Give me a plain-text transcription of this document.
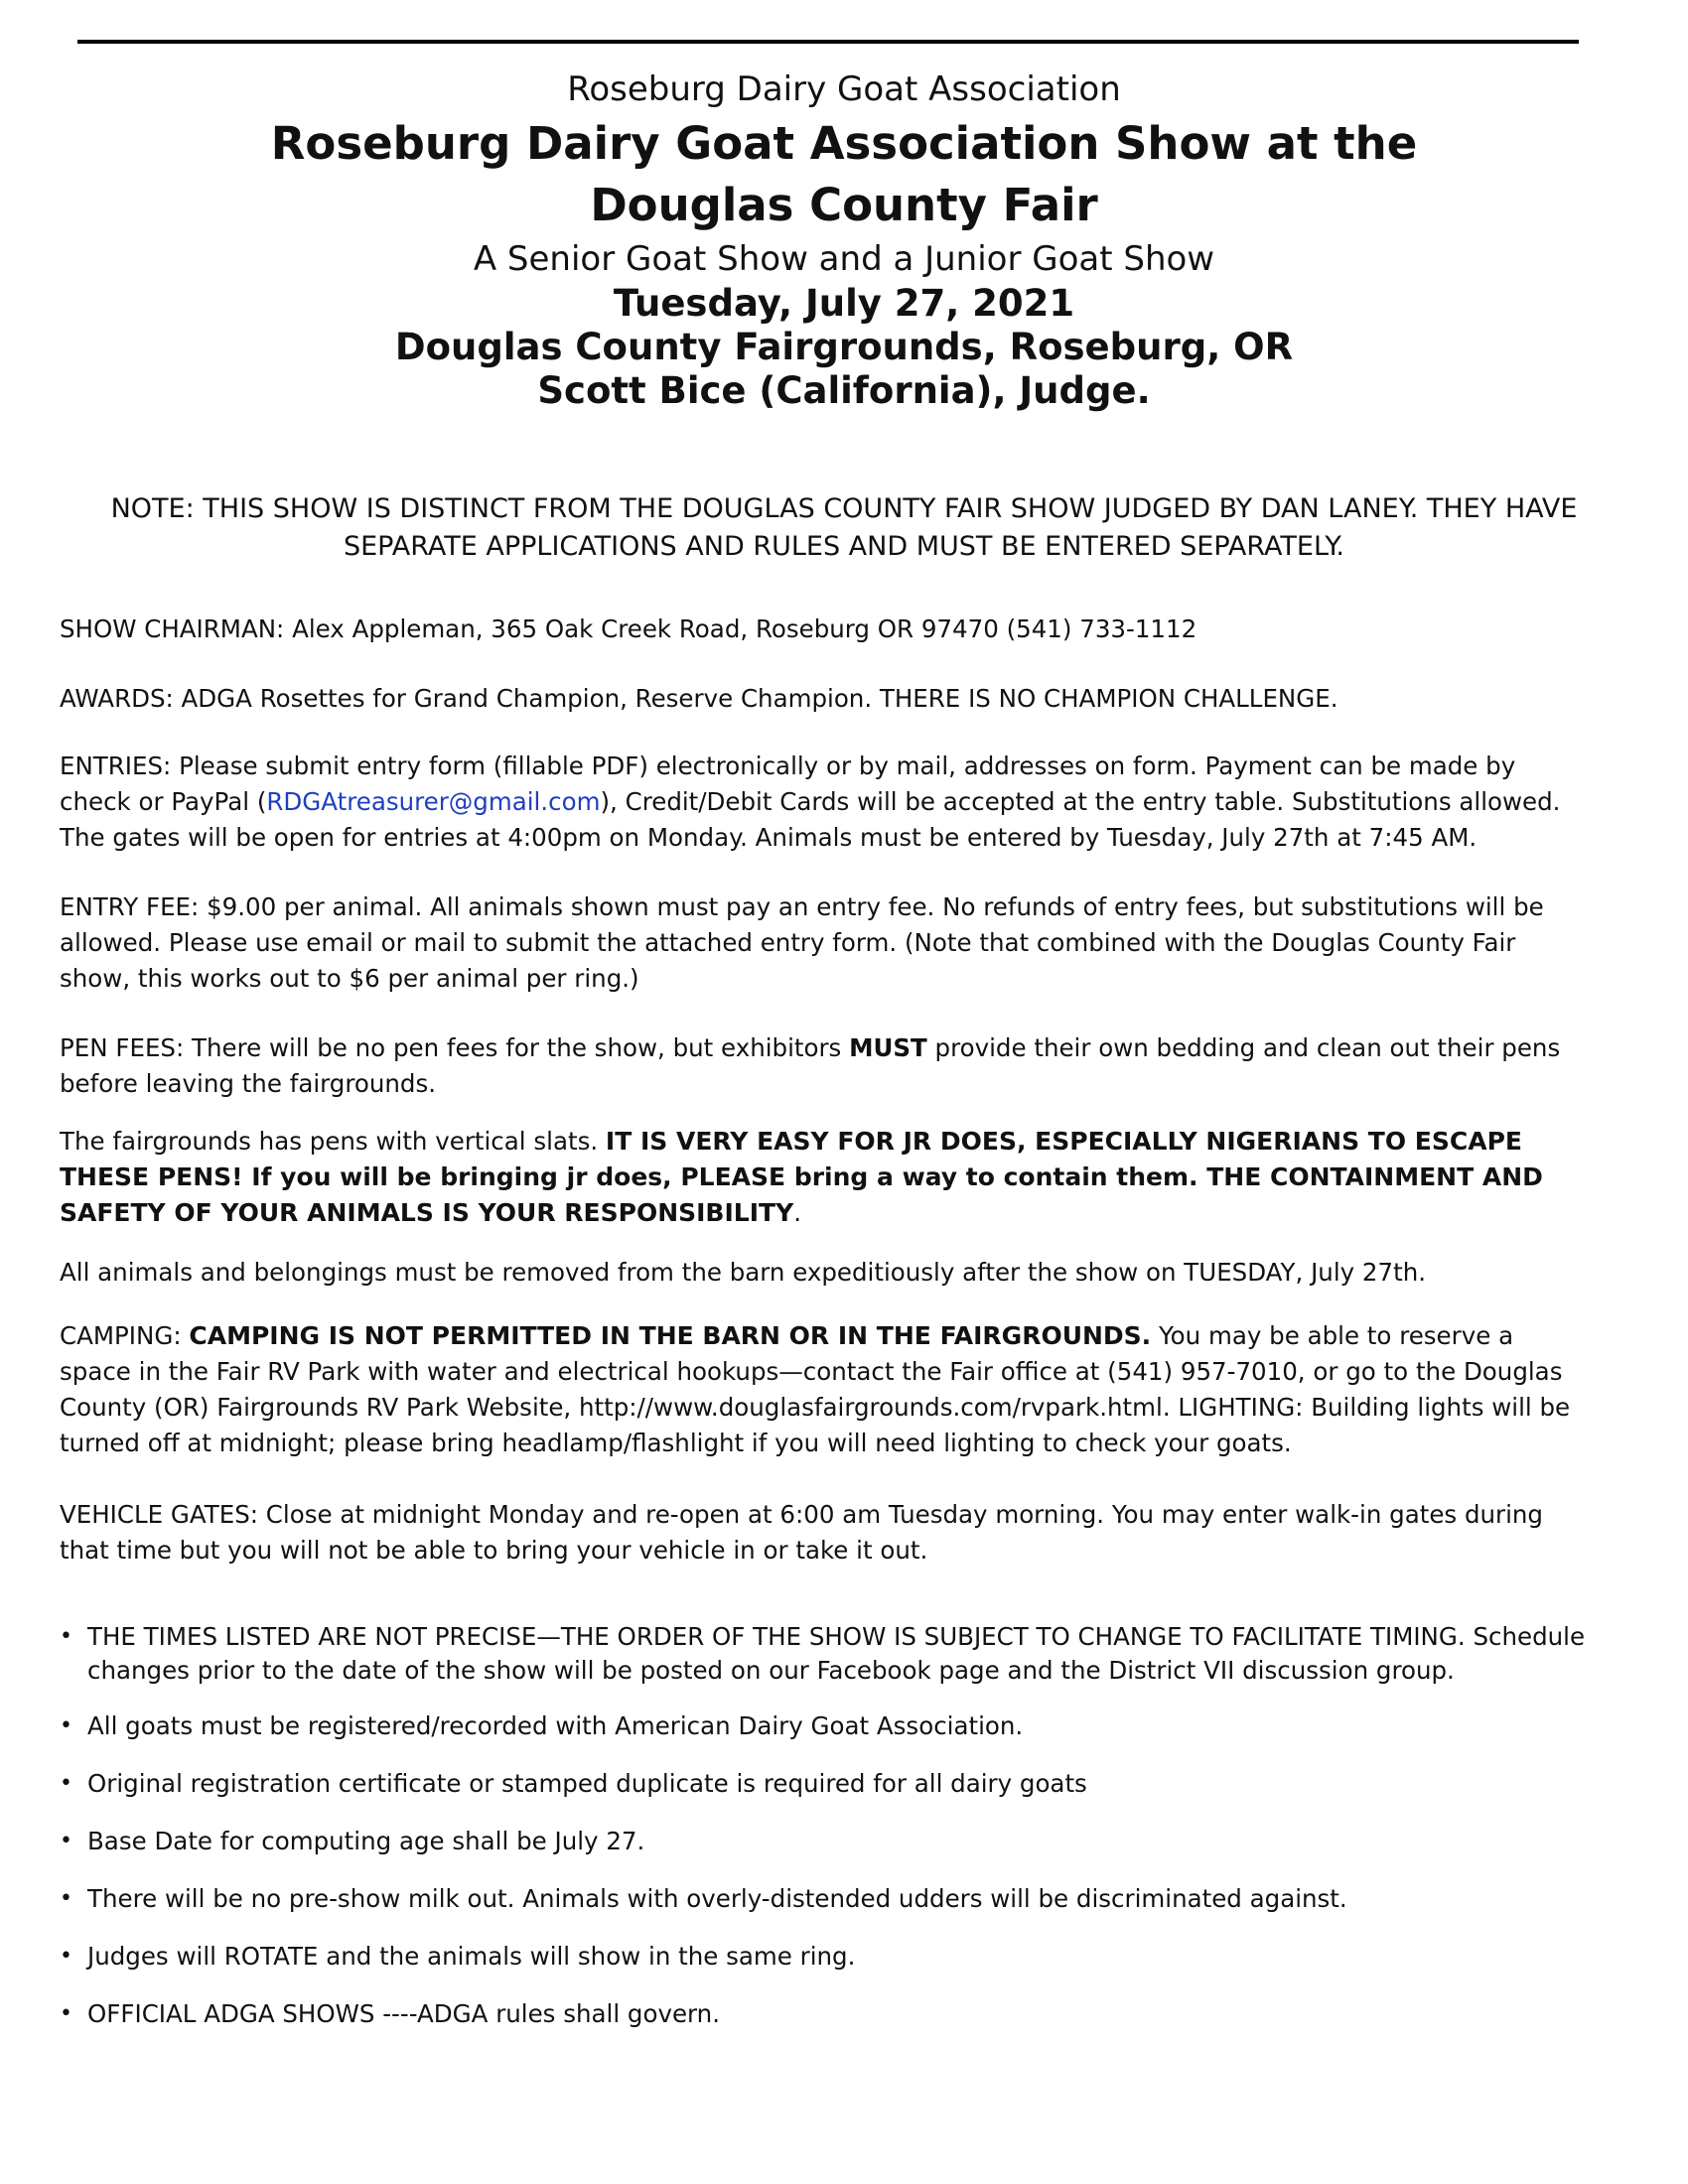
Roseburg Dairy Goat Association
Roseburg Dairy Goat Association Show at the
Douglas County Fair
A Senior Goat Show and a Junior Goat Show
Tuesday, July 27, 2021
Douglas County Fairgrounds, Roseburg, OR
Scott Bice (California), Judge.
NOTE: THIS SHOW IS DISTINCT FROM THE DOUGLAS COUNTY FAIR SHOW JUDGED BY DAN LANEY. THEY HAVE SEPARATE APPLICATIONS AND RULES AND MUST BE ENTERED SEPARATELY.

SHOW CHAIRMAN: Alex Appleman, 365 Oak Creek Road, Roseburg OR 97470 (541) 733-1112

AWARDS: ADGA Rosettes for Grand Champion, Reserve Champion. THERE IS NO CHAMPION CHALLENGE.

ENTRIES: Please submit entry form (fillable PDF) electronically or by mail, addresses on form. Payment can be made by check or PayPal (RDGAtreasurer@gmail.com), Credit/Debit Cards will be accepted at the entry table. Substitutions allowed. The gates will be open for entries at 4:00pm on Monday. Animals must be entered by Tuesday, July 27th at 7:45 AM.

ENTRY FEE: $9.00 per animal. All animals shown must pay an entry fee. No refunds of entry fees, but substitutions will be allowed. Please use email or mail to submit the attached entry form. (Note that combined with the Douglas County Fair show, this works out to $6 per animal per ring.)

PEN FEES: There will be no pen fees for the show, but exhibitors MUST provide their own bedding and clean out their pens before leaving the fairgrounds.

The fairgrounds has pens with vertical slats. IT IS VERY EASY FOR JR DOES, ESPECIALLY NIGERIANS TO ESCAPE THESE PENS! If you will be bringing jr does, PLEASE bring a way to contain them. THE CONTAINMENT AND SAFETY OF YOUR ANIMALS IS YOUR RESPONSIBILITY.

All animals and belongings must be removed from the barn expeditiously after the show on TUESDAY, July 27th.

CAMPING: CAMPING IS NOT PERMITTED IN THE BARN OR IN THE FAIRGROUNDS. You may be able to reserve a space in the Fair RV Park with water and electrical hookups—contact the Fair office at (541) 957-7010, or go to the Douglas County (OR) Fairgrounds RV Park Website, http://www.douglasfairgrounds.com/rvpark.html. LIGHTING: Building lights will be turned off at midnight; please bring headlamp/flashlight if you will need lighting to check your goats.

VEHICLE GATES: Close at midnight Monday and re-open at 6:00 am Tuesday morning. You may enter walk-in gates during that time but you will not be able to bring your vehicle in or take it out.

• THE TIMES LISTED ARE NOT PRECISE—THE ORDER OF THE SHOW IS SUBJECT TO CHANGE TO FACILITATE TIMING. Schedule changes prior to the date of the show will be posted on our Facebook page and the District VII discussion group.
• All goats must be registered/recorded with American Dairy Goat Association.
• Original registration certificate or stamped duplicate is required for all dairy goats
• Base Date for computing age shall be July 27.
• There will be no pre-show milk out. Animals with overly-distended udders will be discriminated against.
• Judges will ROTATE and the animals will show in the same ring.
• OFFICIAL ADGA SHOWS ----ADGA rules shall govern.
